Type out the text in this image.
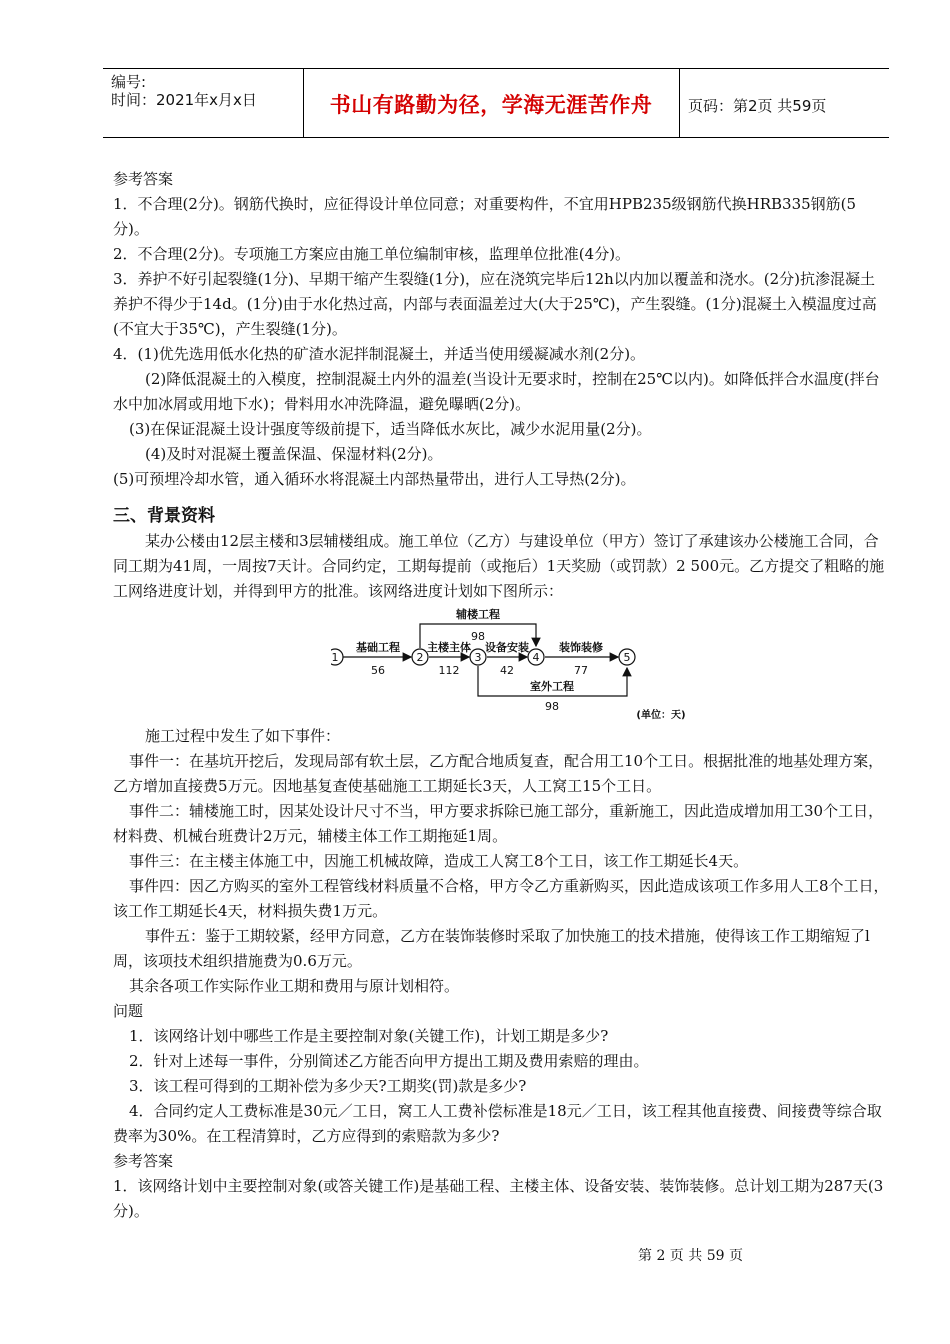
编号:
时间：2021年x月x日	书山有路勤为径，学海无涯苦作舟	页码：第2页 共59页

参考答案

1．不合理(2分)。钢筋代换时，应征得设计单位同意；对重要构件，不宜用HPB235级钢筋代换HRB335钢筋(5分)。

2．不合理(2分)。专项施工方案应由施工单位编制审核，监理单位批准(4分)。

3．养护不好引起裂缝(1分)、早期干缩产生裂缝(1分)，应在浇筑完毕后12h以内加以覆盖和浇水。(2分)抗渗混凝土养护不得少于14d。(1分)由于水化热过高，内部与表面温差过大(大于25℃)，产生裂缝。(1分)混凝土入模温度过高(不宜大于35℃)，产生裂缝(1分)。

4．(1)优先选用低水化热的矿渣水泥拌制混凝土，并适当使用缓凝减水剂(2分)。

(2)降低混凝土的入模度，控制混凝土内外的温差(当设计无要求时，控制在25℃以内)。如降低拌合水温度(拌台水中加冰屑或用地下水)；骨料用水冲洗降温，避免曝晒(2分)。

(3)在保证混凝土设计强度等级前提下，适当降低水灰比，减少水泥用量(2分)。

(4)及时对混凝土覆盖保温、保湿材料(2分)。

(5)可预埋冷却水管，通入循环水将混凝土内部热量带出，进行人工导热(2分)。

三、背景资料

某办公楼由12层主楼和3层辅楼组成。施工单位（乙方）与建设单位（甲方）签订了承建该办公楼施工合同，合同工期为41周，一周按7天计。合同约定，工期每提前（或拖后）1天奖励（或罚款）2 500元。乙方提交了粗略的施工网络进度计划，并得到甲方的批准。该网络进度计划如下图所示：

1	2	3	4	5
基础工程
56
主楼主体
112
设备安装
42
装饰装修
77
辅楼工程
98
室外工程
98
(单位：天)

施工过程中发生了如下事件：

事件一：在基坑开挖后，发现局部有软土层，乙方配合地质复查，配合用工10个工日。根据批准的地基处理方案，乙方增加直接费5万元。因地基复查使基础施工工期延长3天，人工窝工15个工日。

事件二：辅楼施工时，因某处设计尺寸不当，甲方要求拆除已施工部分，重新施工，因此造成增加用工30个工日，材料费、机械台班费计2万元，辅楼主体工作工期拖延1周。

事件三：在主楼主体施工中，因施工机械故障，造成工人窝工8个工日，该工作工期延长4天。

事件四：因乙方购买的室外工程管线材料质量不合格，甲方令乙方重新购买，因此造成该项工作多用人工8个工日，该工作工期延长4天，材料损失费1万元。

事件五：鉴于工期较紧，经甲方同意，乙方在装饰装修时采取了加快施工的技术措施，使得该工作工期缩短了l周，该项技术组织措施费为0.6万元。

其余各项工作实际作业工期和费用与原计划相符。

问题

1．该网络计划中哪些工作是主要控制对象(关键工作)，计划工期是多少?

2．针对上述每一事件，分别简述乙方能否向甲方提出工期及费用索赔的理由。

3．该工程可得到的工期补偿为多少天?工期奖(罚)款是多少?

4．合同约定人工费标准是30元／工日，窝工人工费补偿标准是18元／工日，该工程其他直接费、间接费等综合取费率为30%。在工程清算时，乙方应得到的索赔款为多少?

参考答案

1．该网络计划中主要控制对象(或答关键工作)是基础工程、主楼主体、设备安装、装饰装修。总计划工期为287天(3分)。

第 2 页 共 59 页
